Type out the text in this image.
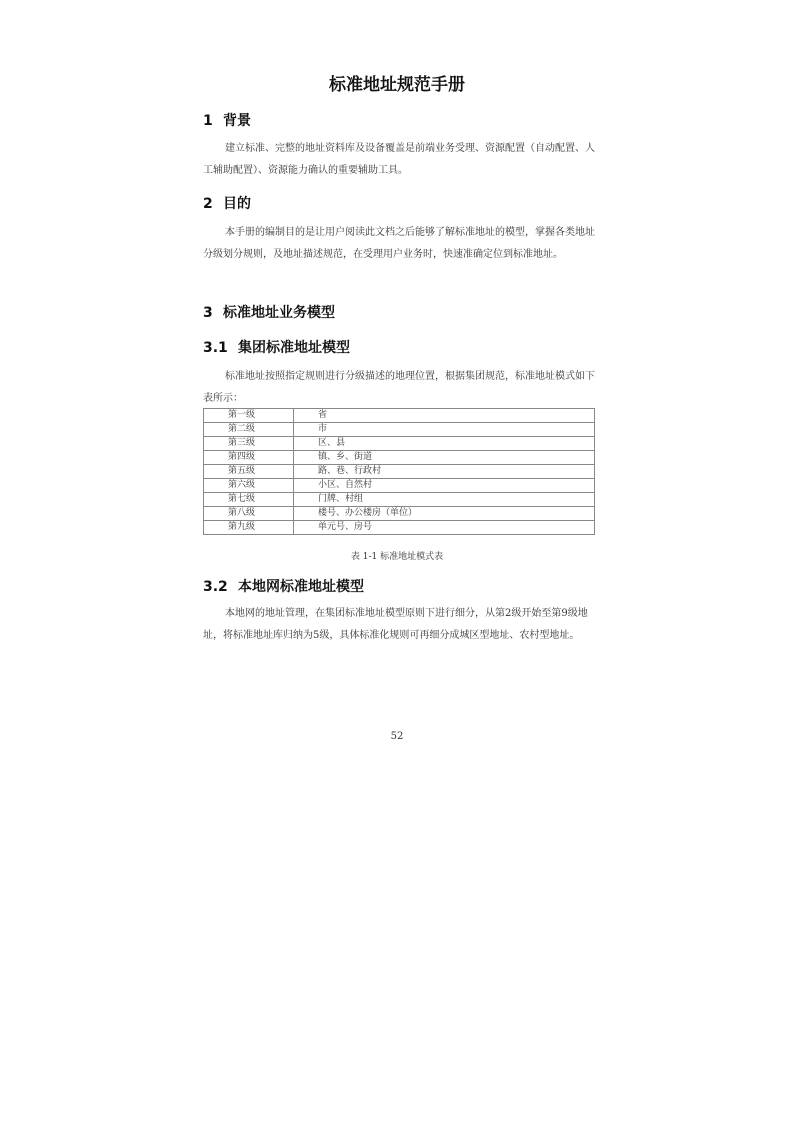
标准地址规范手册
1 背景

建立标准、完整的地址资料库及设备覆盖是前端业务受理、资源配置（自动配置、人工辅助配置）、资源能力确认的重要辅助工具。

2 目的

本手册的编制目的是让用户阅读此文档之后能够了解标准地址的模型，掌握各类地址分级划分规则，及地址描述规范，在受理用户业务时，快速准确定位到标准地址。

3 标准地址业务模型
3.1 集团标准地址模型

标准地址按照指定规则进行分级描述的地理位置，根据集团规范，标准地址模式如下表所示：

第一级	省
第二级	市
第三级	区、县
第四级	镇、乡、街道
第五级	路、巷、行政村
第六级	小区、自然村
第七级	门牌、村组
第八级	楼号、办公楼房（单位）
第九级	单元号、房号
表 1-1 标准地址模式表
3.2 本地网标准地址模型

本地网的地址管理，在集团标准地址模型原则下进行细分，从第2级开始至第9级地址，将标准地址库归纳为5级，具体标准化规则可再细分成城区型地址、农村型地址。

52
